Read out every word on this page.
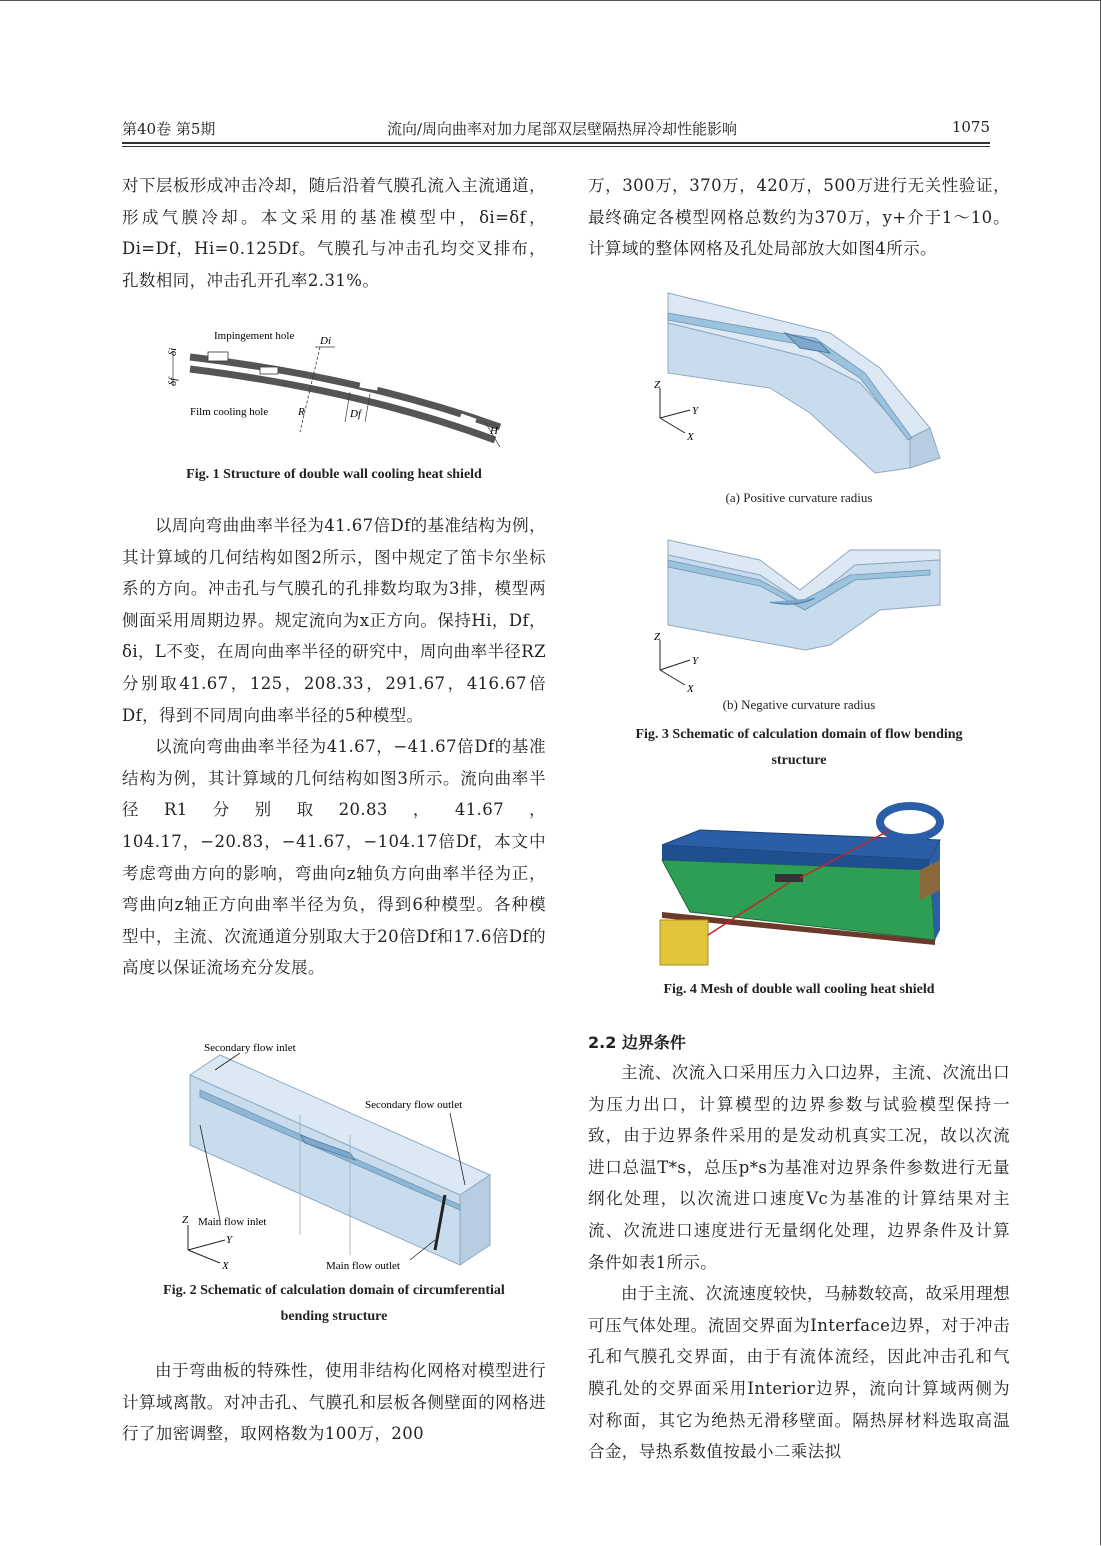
第40卷 第5期	流向/周向曲率对加力尾部双层壁隔热屏冷却性能影响	1075

对下层板形成冲击冷却，随后沿着气膜孔流入主流通道，形成气膜冷却。本文采用的基准模型中，δi=δf，Di=Df，Hi=0.125Df。气膜孔与冲击孔均交叉排布，孔数相同，冲击孔开孔率2.31%。

Impingement hole
Film cooling hole
Di
Df
R
H
δi
δf
Fig. 1 Structure of double wall cooling heat shield

以周向弯曲曲率半径为41.67倍Df的基准结构为例，其计算域的几何结构如图2所示，图中规定了笛卡尔坐标系的方向。冲击孔与气膜孔的孔排数均取为3排，模型两侧面采用周期边界。规定流向为x正方向。保持Hi，Df，δi，L不变，在周向曲率半径的研究中，周向曲率半径RZ分别取41.67，125，208.33，291.67，416.67倍Df，得到不同周向曲率半径的5种模型。

以流向弯曲曲率半径为41.67，−41.67倍Df的基准结构为例，其计算域的几何结构如图3所示。流向曲率半径R1分别取20.83，41.67，104.17，−20.83，−41.67，−104.17倍Df，本文中考虑弯曲方向的影响，弯曲向z轴负方向曲率半径为正，弯曲向z轴正方向曲率半径为负，得到6种模型。各种模型中，主流、次流通道分别取大于20倍Df和17.6倍Df的高度以保证流场充分发展。

Secondary flow inlet
Secondary flow outlet
Main flow inlet
Main flow outlet
Z
Y
X
Fig. 2 Schematic of calculation domain of circumferential
bending structure

由于弯曲板的特殊性，使用非结构化网格对模型进行计算域离散。对冲击孔、气膜孔和层板各侧壁面的网格进行了加密调整，取网格数为100万，200

万，300万，370万，420万，500万进行无关性验证，最终确定各模型网格总数约为370万，y+介于1～10。计算域的整体网格及孔处局部放大如图4所示。

Z
Y
X
(a) Positive curvature radius
Z
Y
X
(b) Negative curvature radius
Fig. 3 Schematic of calculation domain of flow bending
structure
Fig. 4 Mesh of double wall cooling heat shield
2.2 边界条件

主流、次流入口采用压力入口边界，主流、次流出口为压力出口，计算模型的边界参数与试验模型保持一致，由于边界条件采用的是发动机真实工况，故以次流进口总温T*s，总压p*s为基准对边界条件参数进行无量纲化处理，以次流进口速度Vc为基准的计算结果对主流、次流进口速度进行无量纲化处理，边界条件及计算条件如表1所示。

由于主流、次流速度较快，马赫数较高，故采用理想可压气体处理。流固交界面为Interface边界，对于冲击孔和气膜孔交界面，由于有流体流经，因此冲击孔和气膜孔处的交界面采用Interior边界，流向计算域两侧为对称面，其它为绝热无滑移壁面。隔热屏材料选取高温合金，导热系数值按最小二乘法拟
